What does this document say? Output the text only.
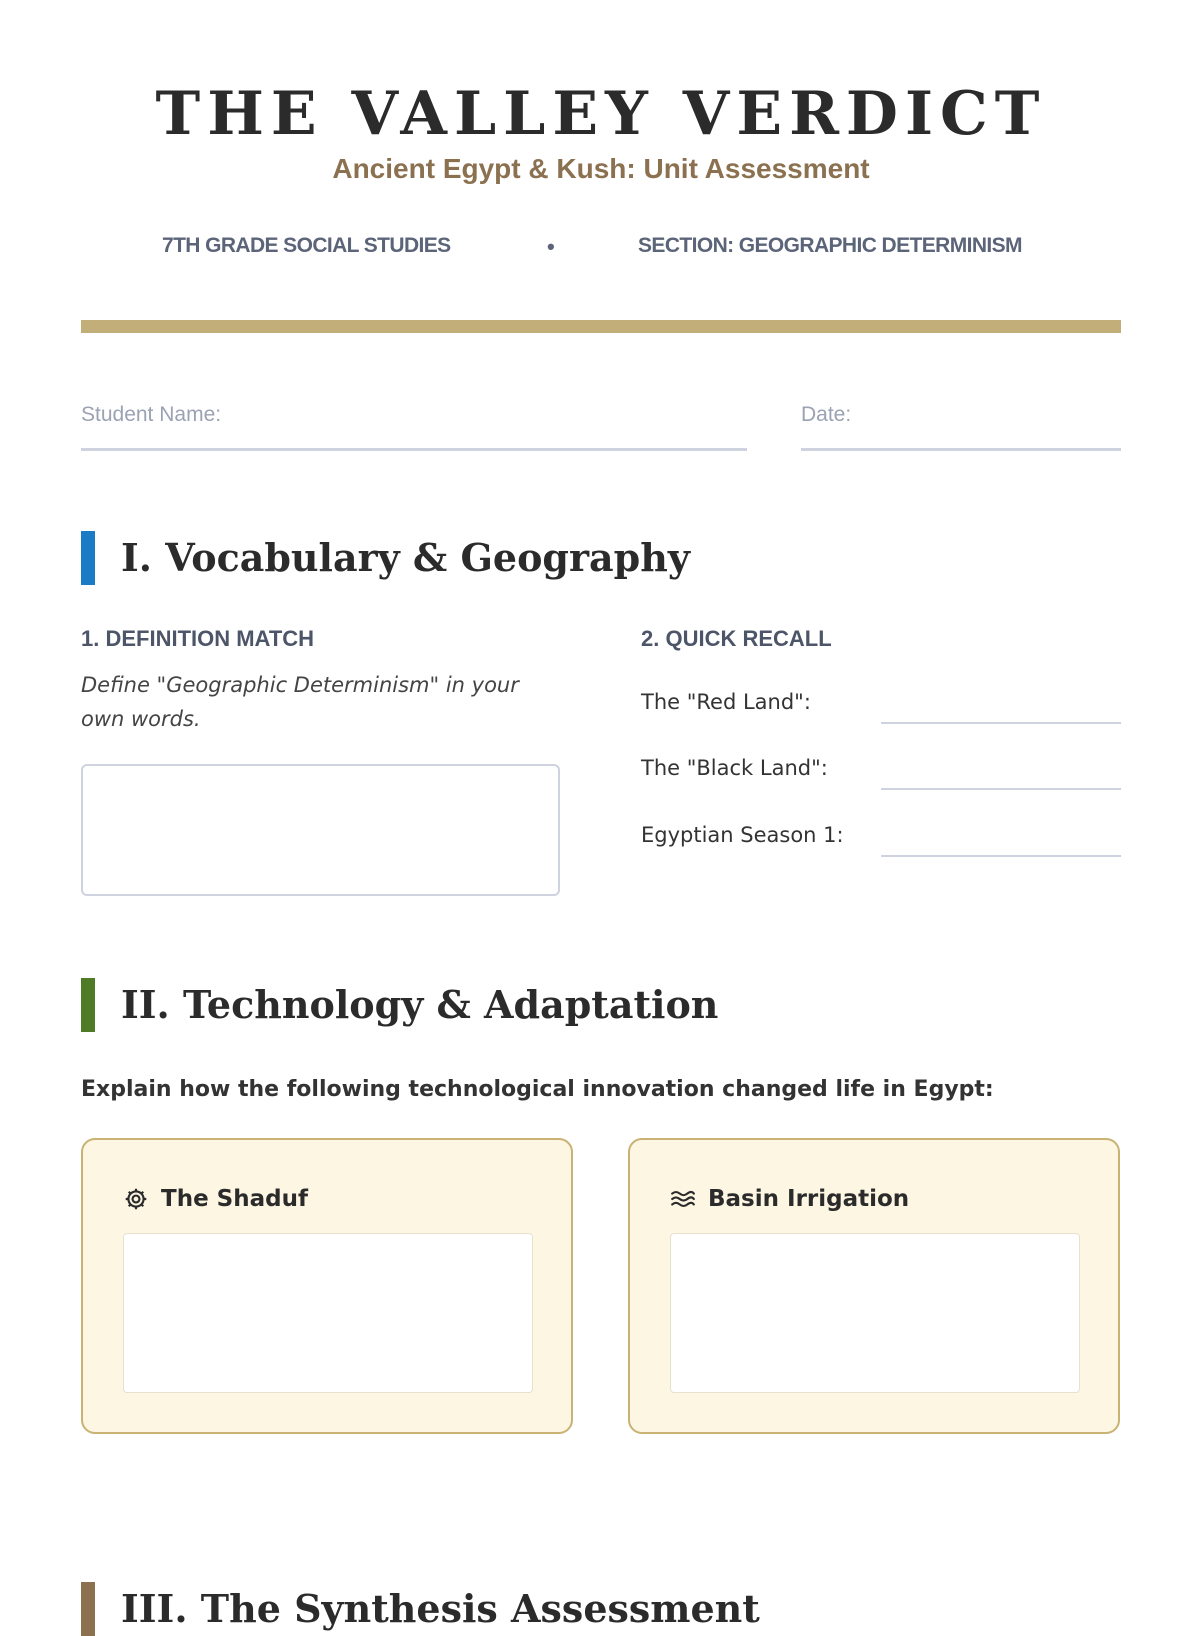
THE VALLEY VERDICT
Ancient Egypt & Kush: Unit Assessment
7TH GRADE SOCIAL STUDIES	•	SECTION: GEOGRAPHIC DETERMINISM
Student Name:	Date:
I. Vocabulary & Geography
1. DEFINITION MATCH
Define "Geographic Determinism" in your own words.
2. QUICK RECALL
The "Red Land":
The "Black Land":
Egyptian Season 1:
II. Technology & Adaptation
Explain how the following technological innovation changed life in Egypt:
The Shaduf	Basin Irrigation
III. The Synthesis Assessment
